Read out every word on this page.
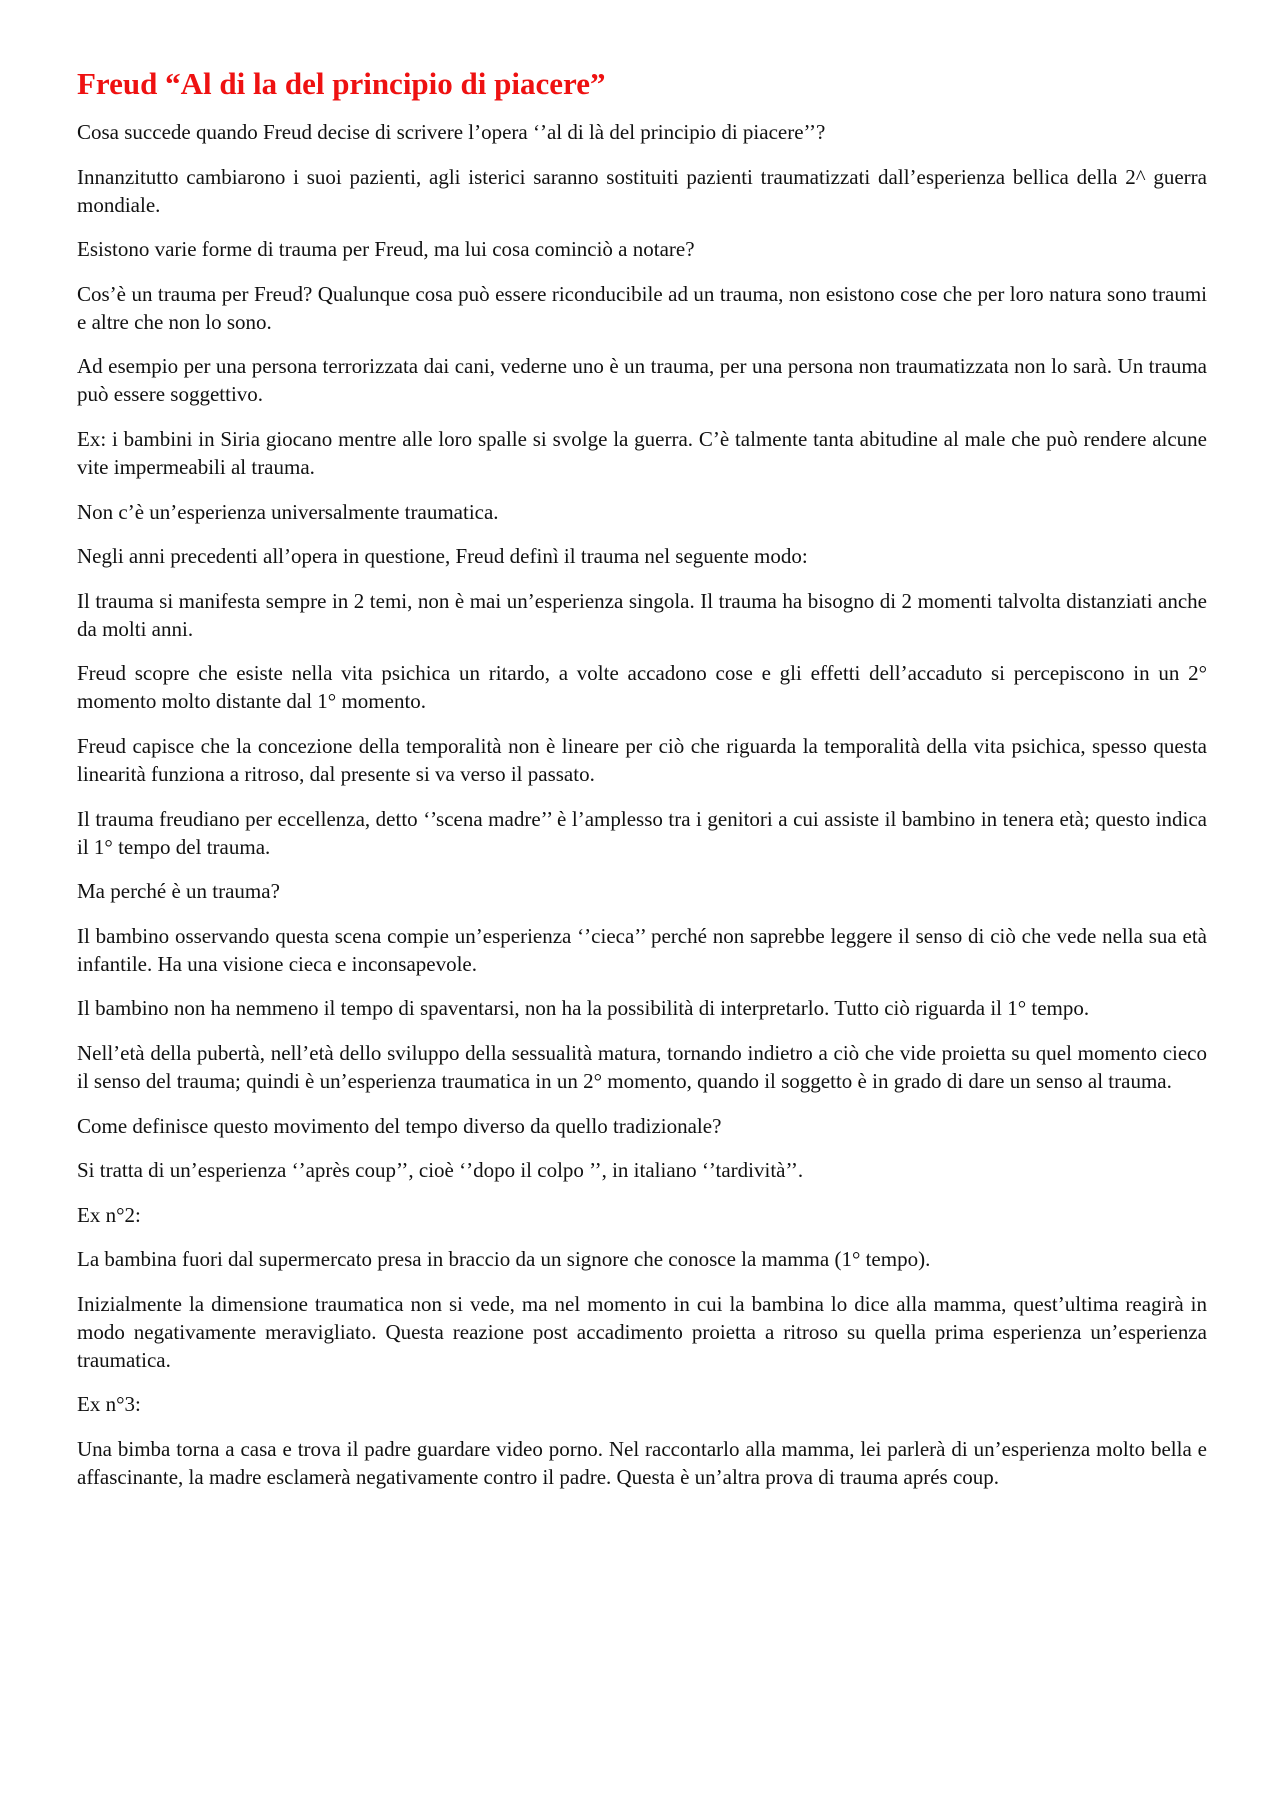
Freud “Al di la del principio di piacere”

Cosa succede quando Freud decise di scrivere l’opera ‘’al di là del principio di piacere’’?

Innanzitutto cambiarono i suoi pazienti, agli isterici saranno sostituiti pazienti traumatizzati dall’esperienza bellica della 2^ guerra mondiale.

Esistono varie forme di trauma per Freud, ma lui cosa cominciò a notare?

Cos’è un trauma per Freud? Qualunque cosa può essere riconducibile ad un trauma, non esistono cose che per loro natura sono traumi e altre che non lo sono.

Ad esempio per una persona terrorizzata dai cani, vederne uno è un trauma, per una persona non traumatizzata non lo sarà. Un trauma può essere soggettivo.

Ex: i bambini in Siria giocano mentre alle loro spalle si svolge la guerra. C’è talmente tanta abitudine al male che può rendere alcune vite impermeabili al trauma.

Non c’è un’esperienza universalmente traumatica.

Negli anni precedenti all’opera in questione, Freud definì il trauma nel seguente modo:

Il trauma si manifesta sempre in 2 temi, non è mai un’esperienza singola. Il trauma ha bisogno di 2 momenti talvolta distanziati anche da molti anni.

Freud scopre che esiste nella vita psichica un ritardo, a volte accadono cose e gli effetti dell’accaduto si percepiscono in un 2° momento molto distante dal 1° momento.

Freud capisce che la concezione della temporalità non è lineare per ciò che riguarda la temporalità della vita psichica, spesso questa linearità funziona a ritroso, dal presente si va verso il passato.

Il trauma freudiano per eccellenza, detto ‘’scena madre’’ è l’amplesso tra i genitori a cui assiste il bambino in tenera età; questo indica il 1° tempo del trauma.

Ma perché è un trauma?

Il bambino osservando questa scena compie un’esperienza ‘’cieca’’ perché non saprebbe leggere il senso di ciò che vede nella sua età infantile. Ha una visione cieca e inconsapevole.

Il bambino non ha nemmeno il tempo di spaventarsi, non ha la possibilità di interpretarlo. Tutto ciò riguarda il 1° tempo.

Nell’età della pubertà, nell’età dello sviluppo della sessualità matura, tornando indietro a ciò che vide proietta su quel momento cieco il senso del trauma; quindi è un’esperienza traumatica in un 2° momento, quando il soggetto è in grado di dare un senso al trauma.

Come definisce questo movimento del tempo diverso da quello tradizionale?

Si tratta di un’esperienza ‘’après coup’’, cioè ‘’dopo il colpo ’’, in italiano ‘’tardività’’.

Ex n°2:

La bambina fuori dal supermercato presa in braccio da un signore che conosce la mamma (1° tempo).

Inizialmente la dimensione traumatica non si vede, ma nel momento in cui la bambina lo dice alla mamma, quest’ultima reagirà in modo negativamente meravigliato. Questa reazione post accadimento proietta a ritroso su quella prima esperienza un’esperienza traumatica.

Ex n°3:

Una bimba torna a casa e trova il padre guardare video porno. Nel raccontarlo alla mamma, lei parlerà di un’esperienza molto bella e affascinante, la madre esclamerà negativamente contro il padre. Questa è un’altra prova di trauma aprés coup.
